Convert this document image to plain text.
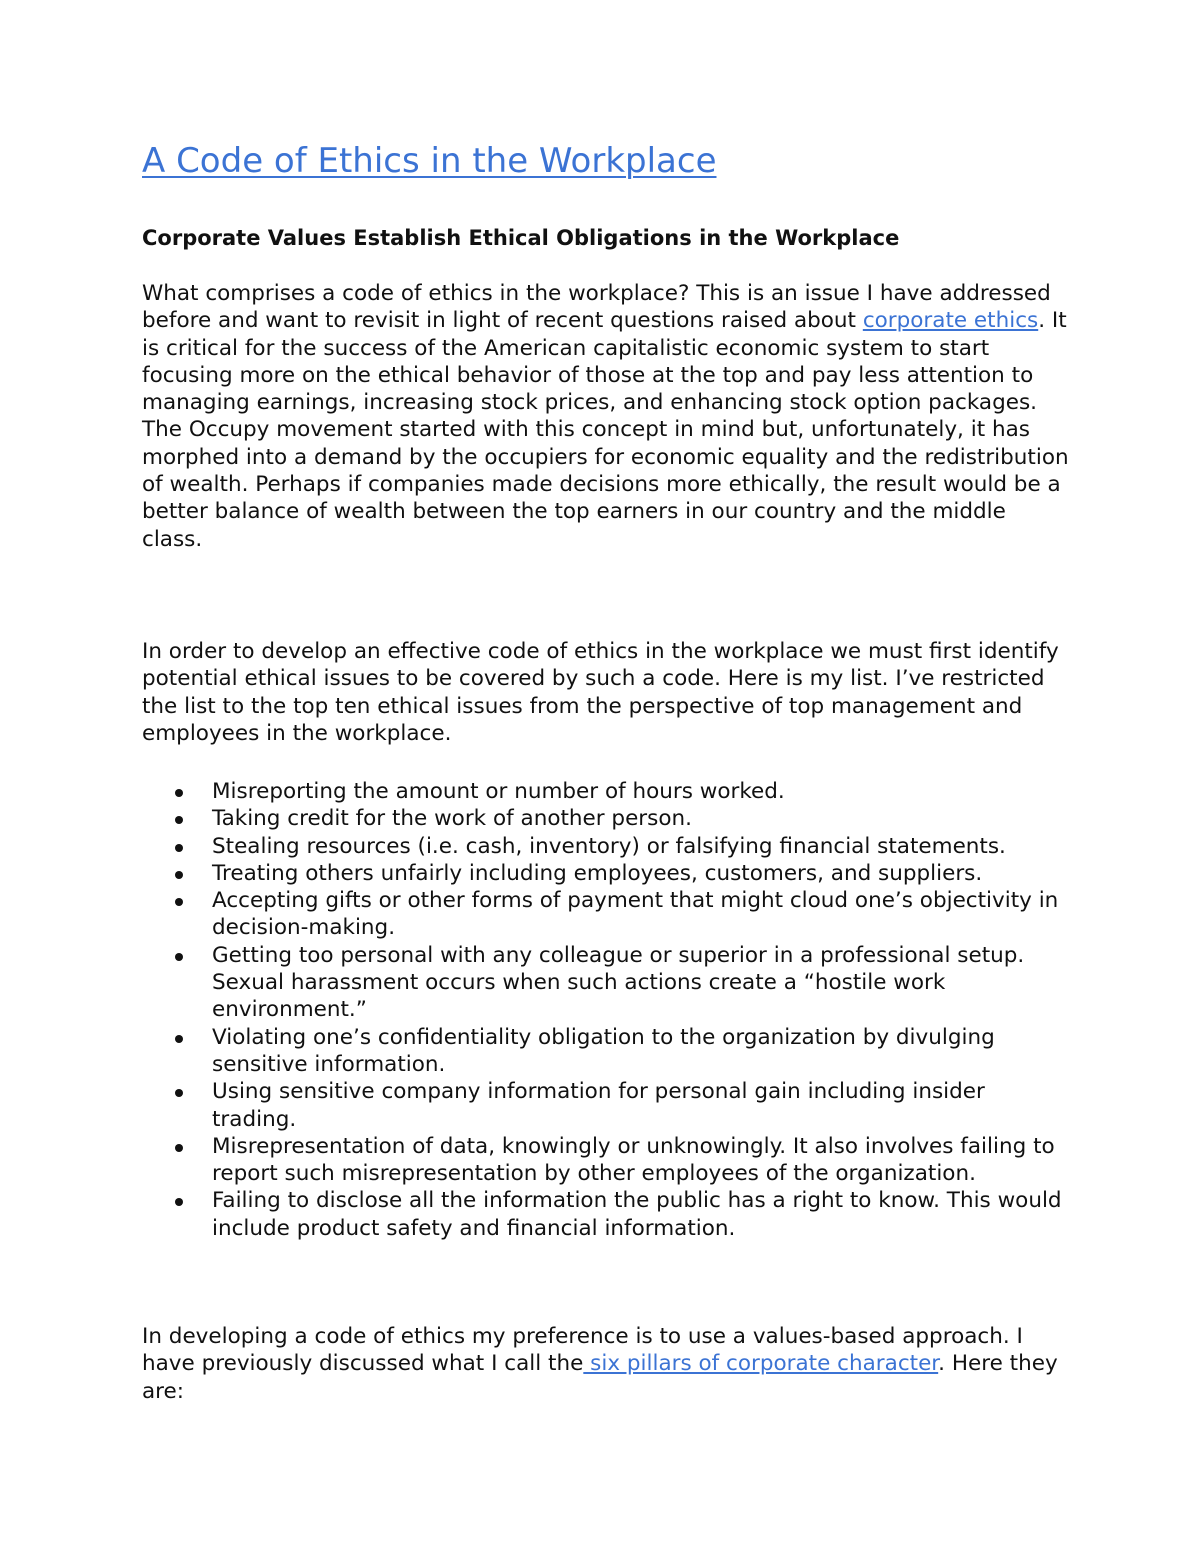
A Code of Ethics in the Workplace
Corporate Values Establish Ethical Obligations in the Workplace

What comprises a code of ethics in the workplace? This is an issue I have addressed before and want to revisit in light of recent questions raised about corporate ethics. It is critical for the success of the American capitalistic economic system to start focusing more on the ethical behavior of those at the top and pay less attention to managing earnings, increasing stock prices, and enhancing stock option packages. The Occupy movement started with this concept in mind but, unfortunately, it has morphed into a demand by the occupiers for economic equality and the redistribution of wealth. Perhaps if companies made decisions more ethically, the result would be a better balance of wealth between the top earners in our country and the middle class.

In order to develop an effective code of ethics in the workplace we must first identify potential ethical issues to be covered by such a code. Here is my list. I’ve restricted the list to the top ten ethical issues from the perspective of top management and employees in the workplace.

Misreporting the amount or number of hours worked.
Taking credit for the work of another person.
Stealing resources (i.e. cash, inventory) or falsifying financial statements.
Treating others unfairly including employees, customers, and suppliers.
Accepting gifts or other forms of payment that might cloud one’s objectivity in decision-making.
Getting too personal with any colleague or superior in a professional setup. Sexual harassment occurs when such actions create a “hostile work environment.”
Violating one’s confidentiality obligation to the organization by divulging sensitive information.
Using sensitive company information for personal gain including insider trading.
Misrepresentation of data, knowingly or unknowingly. It also involves failing to report such misrepresentation by other employees of the organization.
Failing to disclose all the information the public has a right to know. This would include product safety and financial information.

In developing a code of ethics my preference is to use a values-based approach. I have previously discussed what I call the six pillars of corporate character. Here they are:
